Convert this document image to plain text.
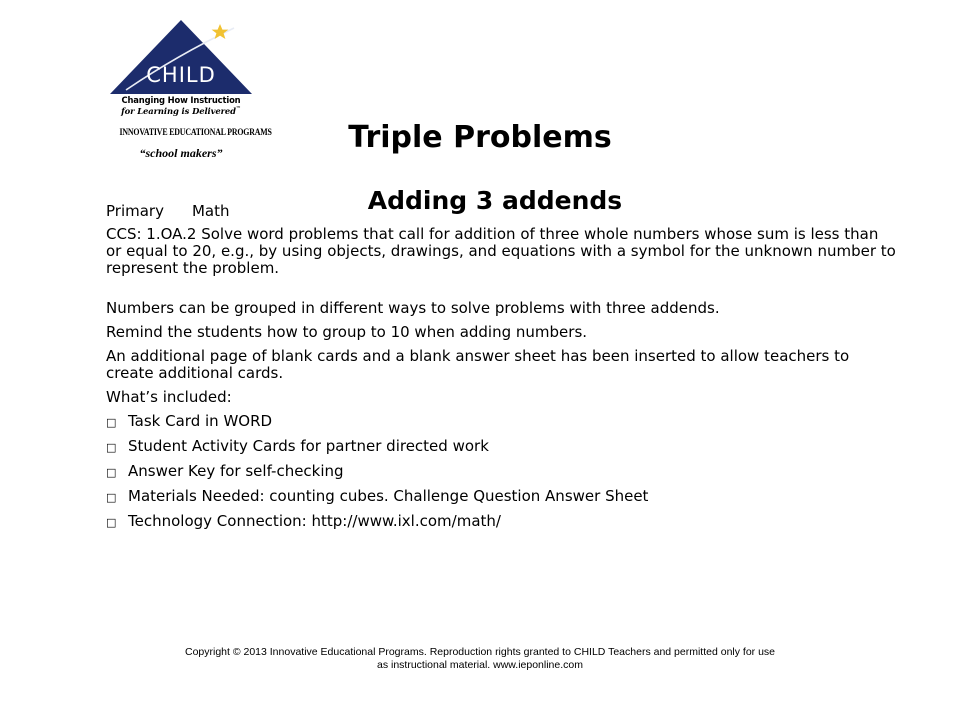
CHILD
Changing How Instruction
for Learning is Delivered™
INNOVATIVE EDUCATIONAL PROGRAMS
“school makers”	Triple Problems
Adding 3 addends

Primary Math

CCS: 1.OA.2 Solve word problems that call for addition of three whole numbers whose sum is less than or equal to 20, e.g., by using objects, drawings, and equations with a symbol for the unknown number to represent the problem.

Numbers can be grouped in different ways to solve problems with three addends.

Remind the students how to group to 10 when adding numbers.

An additional page of blank cards and a blank answer sheet has been inserted to allow teachers to create additional cards.

What’s included:

□ Task Card in WORD
□ Student Activity Cards for partner directed work
□ Answer Key for self-checking
□ Materials Needed: counting cubes. Challenge Question Answer Sheet
□ Technology Connection: http://www.ixl.com/math/
Copyright © 2013 Innovative Educational Programs. Reproduction rights granted to CHILD Teachers and permitted only for use
as instructional material. www.ieponline.com
